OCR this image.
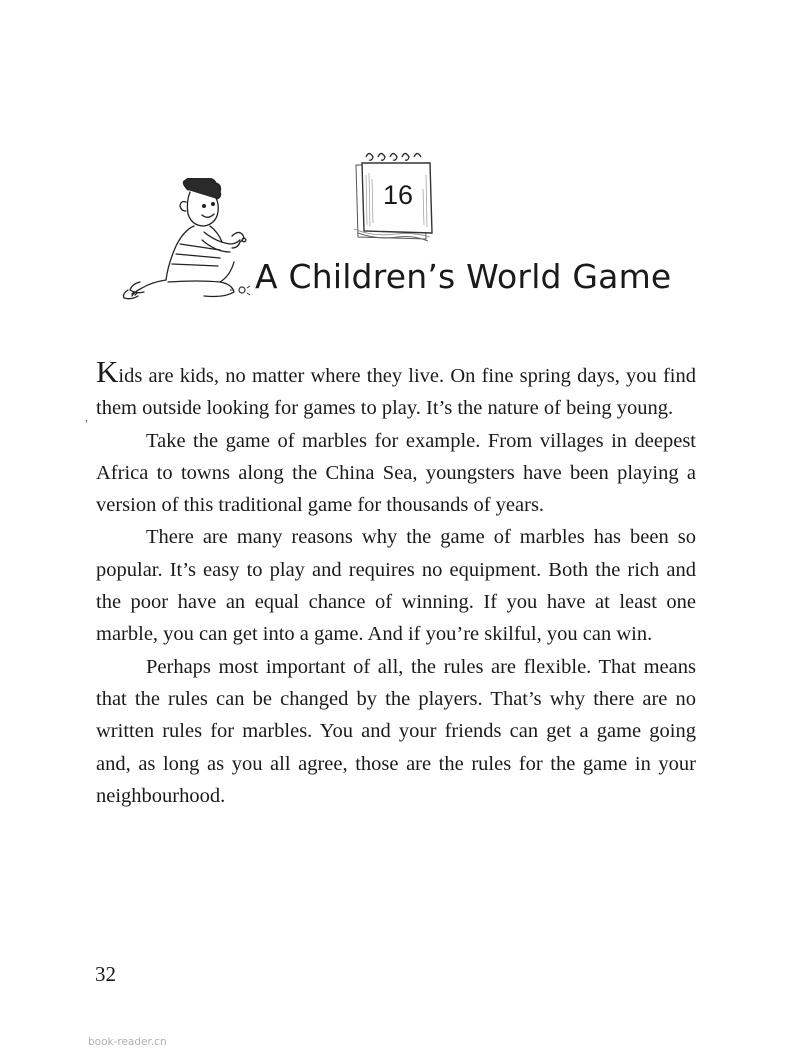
16
A Children’s World Game
,

Kids are kids, no matter where they live. On fine spring days, you find them outside looking for games to play. It’s the nature of being young.

Take the game of marbles for example. From villages in deepest Africa to towns along the China Sea, youngsters have been playing a version of this traditional game for thousands of years.

There are many reasons why the game of marbles has been so popular. It’s easy to play and requires no equipment. Both the rich and the poor have an equal chance of winning. If you have at least one marble, you can get into a game. And if you’re skilful, you can win.

Perhaps most important of all, the rules are flexible. That means that the rules can be changed by the players. That’s why there are no written rules for marbles. You and your friends can get a game going and, as long as you all agree, those are the rules for the game in your neighbourhood.

32
book-reader.cn
